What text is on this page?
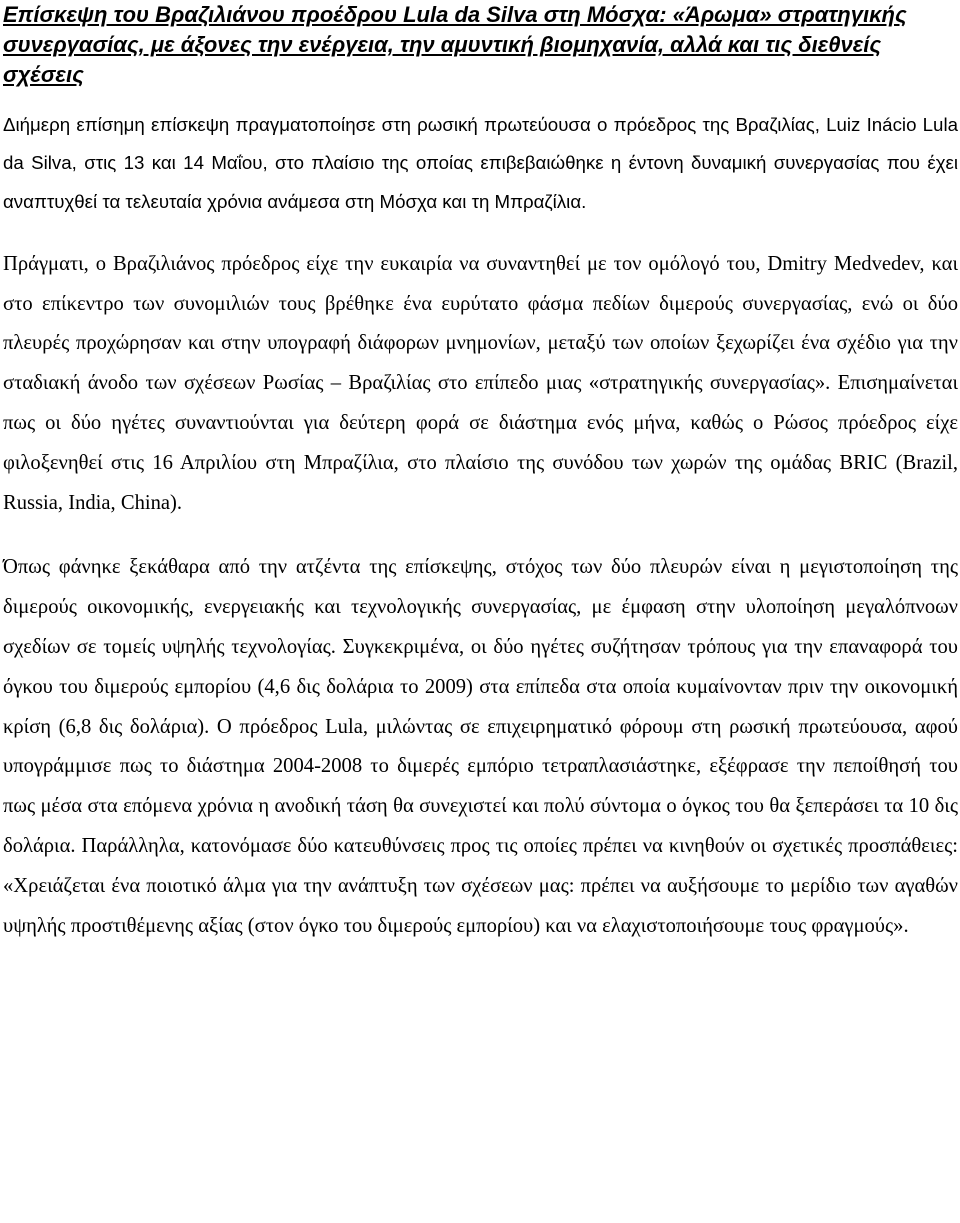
Επίσκεψη του Βραζιλιάνου προέδρου Lula da Silva στη Μόσχα: «Άρωμα» στρατηγικής συνεργασίας, με άξονες την ενέργεια, την αμυντική βιομηχανία, αλλά και τις διεθνείς σχέσεις

Διήμερη επίσημη επίσκεψη πραγματοποίησε στη ρωσική πρωτεύουσα ο πρόεδρος της Βραζιλίας, Luiz Inácio Lula da Silva, στις 13 και 14 Μαΐου, στο πλαίσιο της οποίας επιβεβαιώθηκε η έντονη δυναμική συνεργασίας που έχει αναπτυχθεί τα τελευταία χρόνια ανάμεσα στη Μόσχα και τη Μπραζίλια.

Πράγματι, ο Βραζιλιάνος πρόεδρος είχε την ευκαιρία να συναντηθεί με τον ομόλογό του, Dmitry Medvedev, και στο επίκεντρο των συνομιλιών τους βρέθηκε ένα ευρύτατο φάσμα πεδίων διμερούς συνεργασίας, ενώ οι δύο πλευρές προχώρησαν και στην υπογραφή διάφορων μνημονίων, μεταξύ των οποίων ξεχωρίζει ένα σχέδιο για την σταδιακή άνοδο των σχέσεων Ρωσίας – Βραζιλίας στο επίπεδο μιας «στρατηγικής συνεργασίας». Επισημαίνεται πως οι δύο ηγέτες συναντιούνται για δεύτερη φορά σε διάστημα ενός μήνα, καθώς ο Ρώσος πρόεδρος είχε φιλοξενηθεί στις 16 Απριλίου στη Μπραζίλια, στο πλαίσιο της συνόδου των χωρών της ομάδας BRIC (Brazil, Russia, India, China).

Όπως φάνηκε ξεκάθαρα από την ατζέντα της επίσκεψης, στόχος των δύο πλευρών είναι η μεγιστοποίηση της διμερούς οικονομικής, ενεργειακής και τεχνολογικής συνεργασίας, με έμφαση στην υλοποίηση μεγαλόπνοων σχεδίων σε τομείς υψηλής τεχνολογίας. Συγκεκριμένα, οι δύο ηγέτες συζήτησαν τρόπους για την επαναφορά του όγκου του διμερούς εμπορίου (4,6 δις δολάρια το 2009) στα επίπεδα στα οποία κυμαίνονταν πριν την οικονομική κρίση (6,8 δις δολάρια). Ο πρόεδρος Lula, μιλώντας σε επιχειρηματικό φόρουμ στη ρωσική πρωτεύουσα, αφού υπογράμμισε πως το διάστημα 2004-2008 το διμερές εμπόριο τετραπλασιάστηκε, εξέφρασε την πεποίθησή του πως μέσα στα επόμενα χρόνια η ανοδική τάση θα συνεχιστεί και πολύ σύντομα ο όγκος του θα ξεπεράσει τα 10 δις δολάρια. Παράλληλα, κατονόμασε δύο κατευθύνσεις προς τις οποίες πρέπει να κινηθούν οι σχετικές προσπάθειες: «Χρειάζεται ένα ποιοτικό άλμα για την ανάπτυξη των σχέσεων μας: πρέπει να αυξήσουμε το μερίδιο των αγαθών υψηλής προστιθέμενης αξίας (στον όγκο του διμερούς εμπορίου) και να ελαχιστοποιήσουμε τους φραγμούς».
